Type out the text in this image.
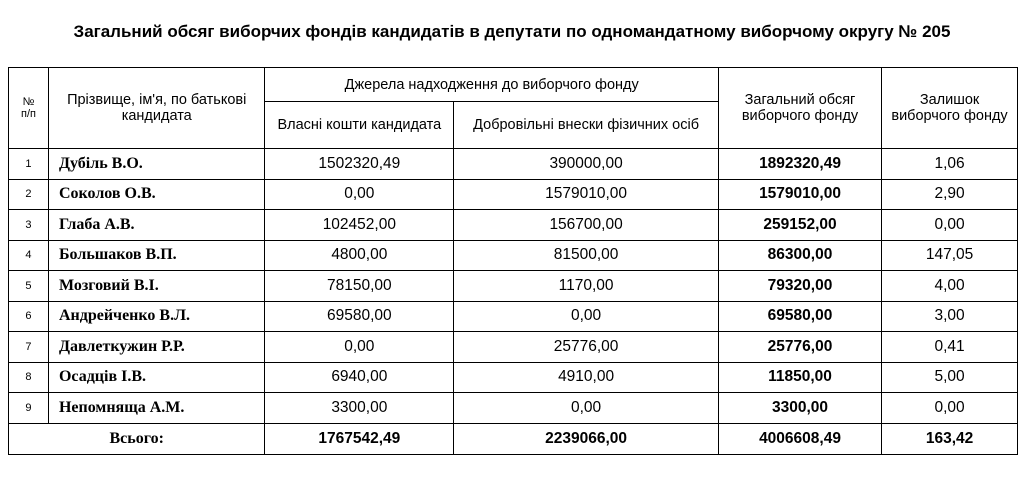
Загальний обсяг виборчих фондів кандидатів в депутати по одномандатному виборчому округу № 205
№
п/п	Прізвище, ім'я, по батькові кандидата	Джерела надходження до виборчого фонду		Загальний обсяг виборчого фонду	Залишок виборчого фонду
		Власні кошти кандидата	Добровільні внески фізичних осіб		
1	Дубіль В.О.	1502320,49	390000,00	1892320,49	1,06
2	Соколов О.В.	0,00	1579010,00	1579010,00	2,90
3	Глаба А.В.	102452,00	156700,00	259152,00	0,00
4	Большаков В.П.	4800,00	81500,00	86300,00	147,05
5	Мозговий В.І.	78150,00	1170,00	79320,00	4,00
6	Андрейченко В.Л.	69580,00	0,00	69580,00	3,00
7	Давлеткужин Р.Р.	0,00	25776,00	25776,00	0,41
8	Осадців І.В.	6940,00	4910,00	11850,00	5,00
9	Непомняща А.М.	3300,00	0,00	3300,00	0,00
Всього:		1767542,49	2239066,00	4006608,49	163,42
